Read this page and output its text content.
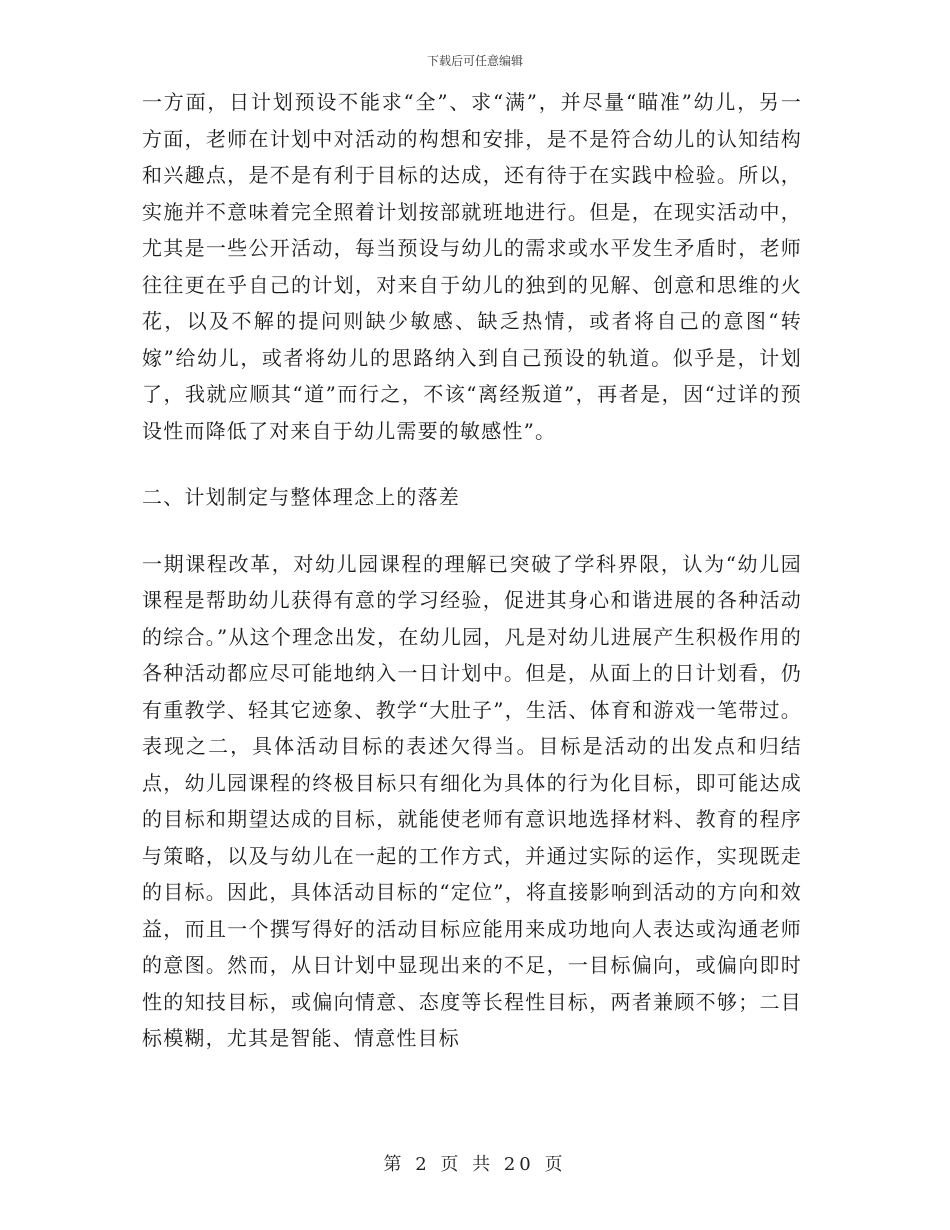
下载后可任意编辑

一方面，日计划预设不能求“全”、求“满”，并尽量“瞄准”幼儿，另一方面，老师在计划中对活动的构想和安排，是不是符合幼儿的认知结构和兴趣点，是不是有利于目标的达成，还有待于在实践中检验。所以，实施并不意味着完全照着计划按部就班地进行。但是，在现实活动中，尤其是一些公开活动，每当预设与幼儿的需求或水平发生矛盾时，老师往往更在乎自己的计划，对来自于幼儿的独到的见解、创意和思维的火花，以及不解的提问则缺少敏感、缺乏热情，或者将自己的意图“转嫁”给幼儿，或者将幼儿的思路纳入到自己预设的轨道。似乎是，计划了，我就应顺其“道”而行之，不该“离经叛道”，再者是，因“过详的预设性而降低了对来自于幼儿需要的敏感性”。

二、计划制定与整体理念上的落差

一期课程改革，对幼儿园课程的理解已突破了学科界限，认为“幼儿园课程是帮助幼儿获得有意的学习经验，促进其身心和谐进展的各种活动的综合。”从这个理念出发，在幼儿园，凡是对幼儿进展产生积极作用的各种活动都应尽可能地纳入一日计划中。但是，从面上的日计划看，仍有重教学、轻其它迹象、教学“大肚子”，生活、体育和游戏一笔带过。表现之二，具体活动目标的表述欠得当。目标是活动的出发点和归结点，幼儿园课程的终极目标只有细化为具体的行为化目标，即可能达成的目标和期望达成的目标，就能使老师有意识地选择材料、教育的程序与策略，以及与幼儿在一起的工作方式，并通过实际的运作，实现既走的目标。因此，具体活动目标的“定位”，将直接影响到活动的方向和效益，而且一个撰写得好的活动目标应能用来成功地向人表达或沟通老师的意图。然而，从日计划中显现出来的不足，一目标偏向，或偏向即时性的知技目标，或偏向情意、态度等长程性目标，两者兼顾不够；二目标模糊，尤其是智能、情意性目标

第 2 页 共 20 页
